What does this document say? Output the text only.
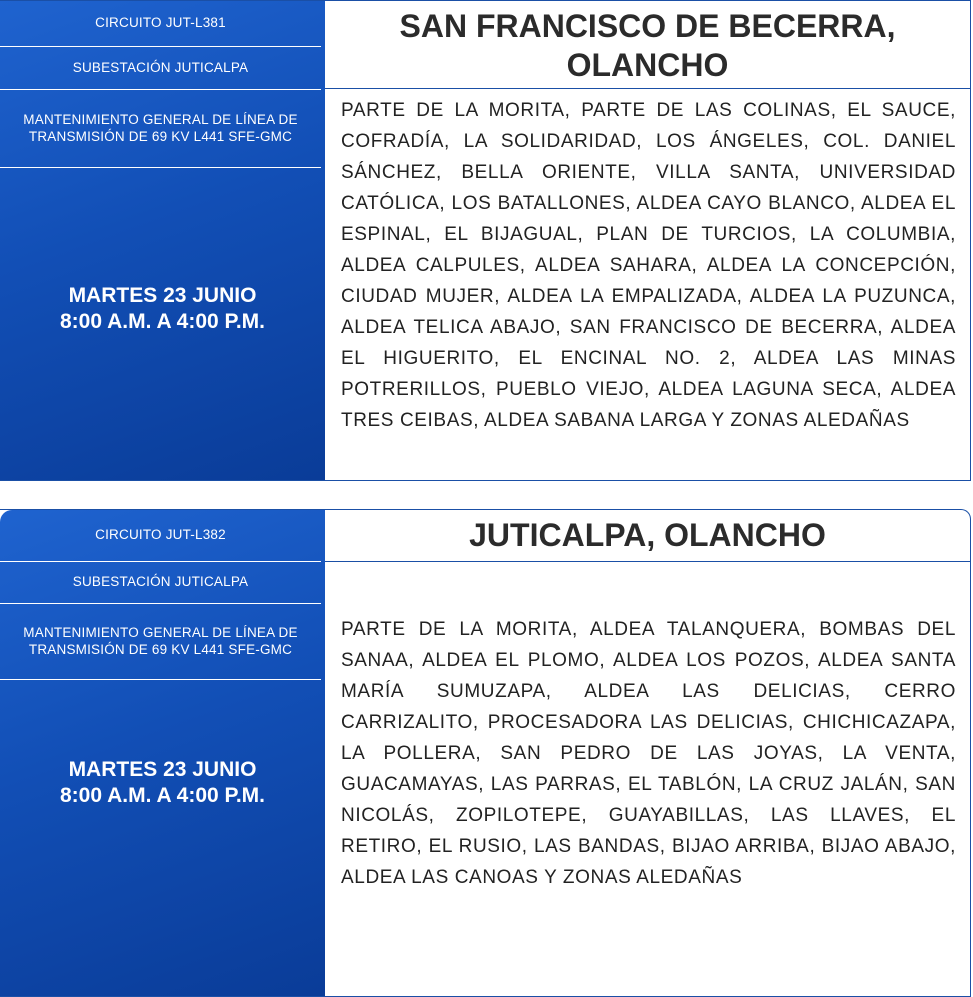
CIRCUITO JUT-L381
SUBESTACIÓN JUTICALPA
MANTENIMIENTO GENERAL DE LÍNEA DE TRANSMISIÓN DE 69 KV L441 SFE-GMC
MARTES 23 JUNIO
8:00 A.M. A 4:00 P.M.
SAN FRANCISCO DE BECERRA,
OLANCHO
PARTE DE LA MORITA, PARTE DE LAS COLINAS, EL SAUCE, COFRADÍA, LA SOLIDARIDAD, LOS ÁNGELES, COL. DANIEL SÁNCHEZ, BELLA ORIENTE, VILLA SANTA, UNIVERSIDAD CATÓLICA, LOS BATALLONES, ALDEA CAYO BLANCO, ALDEA EL ESPINAL, EL BIJAGUAL, PLAN DE TURCIOS, LA COLUMBIA, ALDEA CALPULES, ALDEA SAHARA, ALDEA LA CONCEPCIÓN, CIUDAD MUJER, ALDEA LA EMPALIZADA, ALDEA LA PUZUNCA, ALDEA TELICA ABAJO, SAN FRANCISCO DE BECERRA, ALDEA EL HIGUERITO, EL ENCINAL NO. 2, ALDEA LAS MINAS POTRERILLOS, PUEBLO VIEJO, ALDEA LAGUNA SECA, ALDEA TRES CEIBAS, ALDEA SABANA LARGA Y ZONAS ALEDAÑAS
CIRCUITO JUT-L382
SUBESTACIÓN JUTICALPA
MANTENIMIENTO GENERAL DE LÍNEA DE TRANSMISIÓN DE 69 KV L441 SFE-GMC
MARTES 23 JUNIO
8:00 A.M. A 4:00 P.M.
JUTICALPA, OLANCHO
PARTE DE LA MORITA, ALDEA TALANQUERA, BOMBAS DEL SANAA, ALDEA EL PLOMO, ALDEA LOS POZOS, ALDEA SANTA MARÍA SUMUZAPA, ALDEA LAS DELICIAS, CERRO CARRIZALITO, PROCESADORA LAS DELICIAS, CHICHICAZAPA, LA POLLERA, SAN PEDRO DE LAS JOYAS, LA VENTA, GUACAMAYAS, LAS PARRAS, EL TABLÓN, LA CRUZ JALÁN, SAN NICOLÁS, ZOPILOTEPE, GUAYABILLAS, LAS LLAVES, EL RETIRO, EL RUSIO, LAS BANDAS, BIJAO ARRIBA, BIJAO ABAJO, ALDEA LAS CANOAS Y ZONAS ALEDAÑAS
